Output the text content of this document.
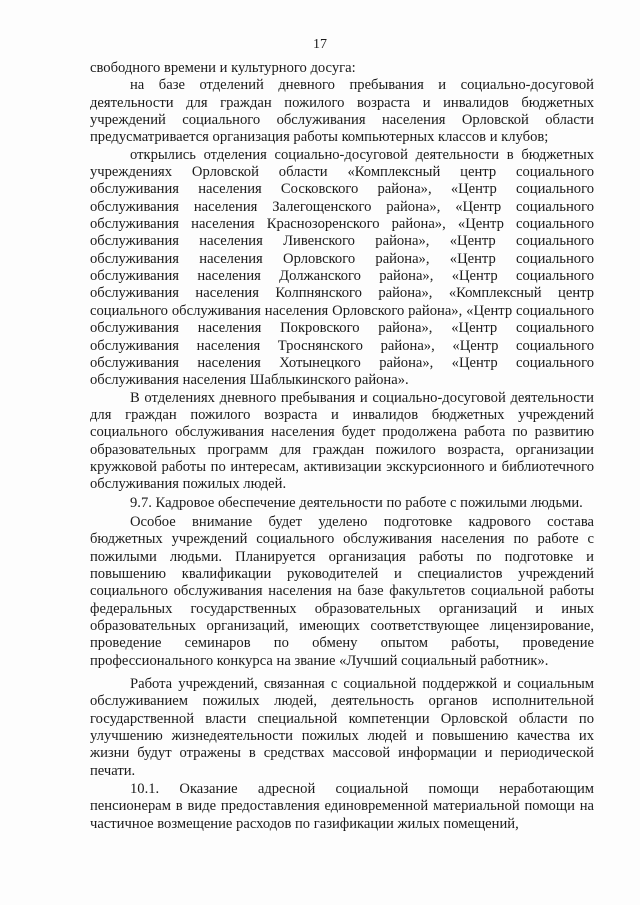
17

свободного времени и культурного досуга:

на базе отделений дневного пребывания и социально-досуговой деятельности для граждан пожилого возраста и инвалидов бюджетных учреждений социального обслуживания населения Орловской области предусматривается организация работы компьютерных классов и клубов;

открылись отделения социально-досуговой деятельности в бюджетных учреждениях Орловской области «Комплексный центр социального обслуживания населения Сосковского района», «Центр социального обслуживания населения Залегощенского района», «Центр социального обслуживания населения Краснозоренского района», «Центр социального обслуживания населения Ливенского района», «Центр социального обслуживания населения Орловского района», «Центр социального обслуживания населения Должанского района», «Центр социального обслуживания населения Колпнянского района», «Комплексный центр социального обслуживания населения Орловского района», «Центр социального обслуживания населения Покровского района», «Центр социального обслуживания населения Троснянского района», «Центр социального обслуживания населения Хотынецкого района», «Центр социального обслуживания населения Шаблыкинского района».

В отделениях дневного пребывания и социально-досуговой деятельности для граждан пожилого возраста и инвалидов бюджетных учреждений социального обслуживания населения будет продолжена работа по развитию образовательных программ для граждан пожилого возраста, организации кружковой работы по интересам, активизации экскурсионного и библиотечного обслуживания пожилых людей.

9.7. Кадровое обеспечение деятельности по работе с пожилыми людьми.

Особое внимание будет уделено подготовке кадрового состава бюджетных учреждений социального обслуживания населения по работе с пожилыми людьми. Планируется организация работы по подготовке и повышению квалификации руководителей и специалистов учреждений социального обслуживания населения на базе факультетов социальной работы федеральных государственных образовательных организаций и иных образовательных организаций, имеющих соответствующее лицензирование, проведение семинаров по обмену опытом работы, проведение профессионального конкурса на звание «Лучший социальный работник».

Работа учреждений, связанная с социальной поддержкой и социальным обслуживанием пожилых людей, деятельность органов исполнительной государственной власти специальной компетенции Орловской области по улучшению жизнедеятельности пожилых людей и повышению качества их жизни будут отражены в средствах массовой информации и периодической печати.

10.1. Оказание адресной социальной помощи неработающим пенсионерам в виде предоставления единовременной материальной помощи на частичное возмещение расходов по газификации жилых помещений,
